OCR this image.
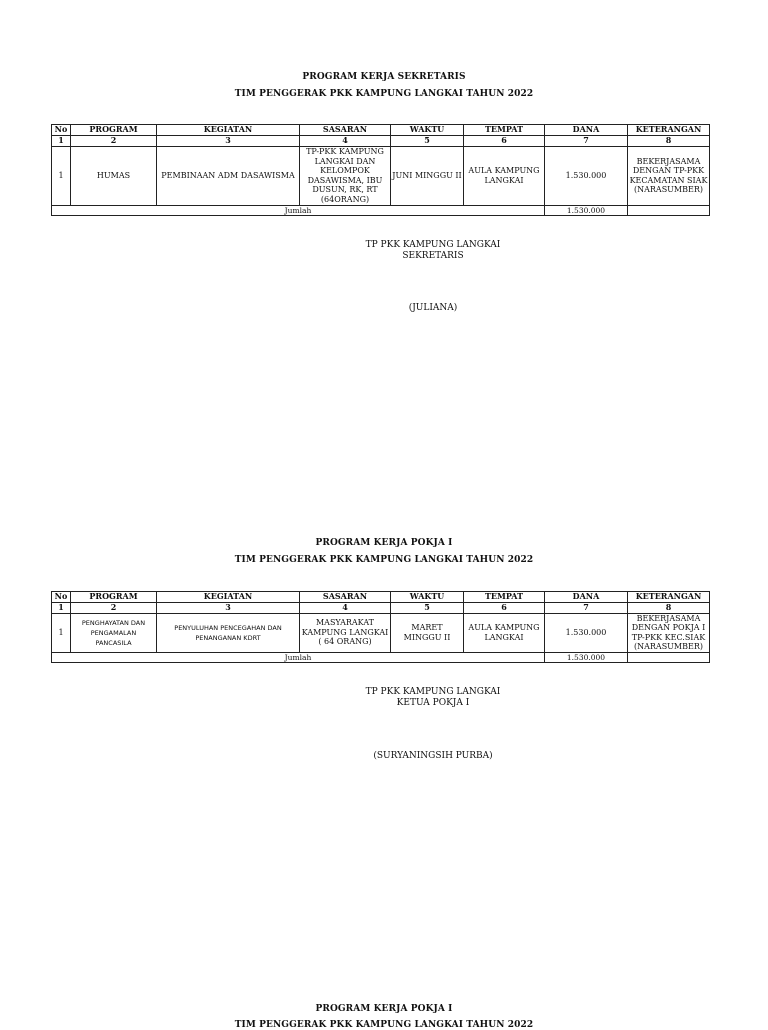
PROGRAM KERJA SEKRETARIS
TIM PENGGERAK PKK KAMPUNG LANGKAI TAHUN 2022
No	PROGRAM	KEGIATAN	SASARAN	WAKTU	TEMPAT	DANA	KETERANGAN
1	2	3	4	5	6	7	8
1	HUMAS	PEMBINAAN ADM DASAWISMA	TP-PKK KAMPUNG LANGKAI DAN KELOMPOK DASAWISMA, IBU DUSUN, RK, RT (64ORANG)	JUNI MINGGU II	AULA KAMPUNG LANGKAI	1.530.000	BEKERJASAMA DENGAN TP-PKK KECAMATAN SIAK (NARASUMBER)
Jumlah						1.530.000	
TP PKK KAMPUNG LANGKAI
SEKRETARIS
(JULIANA)
PROGRAM KERJA POKJA I
TIM PENGGERAK PKK KAMPUNG LANGKAI TAHUN 2022
No	PROGRAM	KEGIATAN	SASARAN	WAKTU	TEMPAT	DANA	KETERANGAN
1	2	3	4	5	6	7	8
1	PENGHAYATAN DAN PENGAMALAN PANCASILA	PENYULUHAN PENCEGAHAN DAN PENANGANAN KDRT	MASYARAKAT KAMPUNG LANGKAI ( 64 ORANG)	MARET MINGGU II	AULA KAMPUNG LANGKAI	1.530.000	BEKERJASAMA DENGAN POKJA I TP-PKK KEC.SIAK (NARASUMBER)
Jumlah						1.530.000	
TP PKK KAMPUNG LANGKAI
KETUA POKJA I
(SURYANINGSIH PURBA)
PROGRAM KERJA POKJA I
TIM PENGGERAK PKK KAMPUNG LANGKAI TAHUN 2022
